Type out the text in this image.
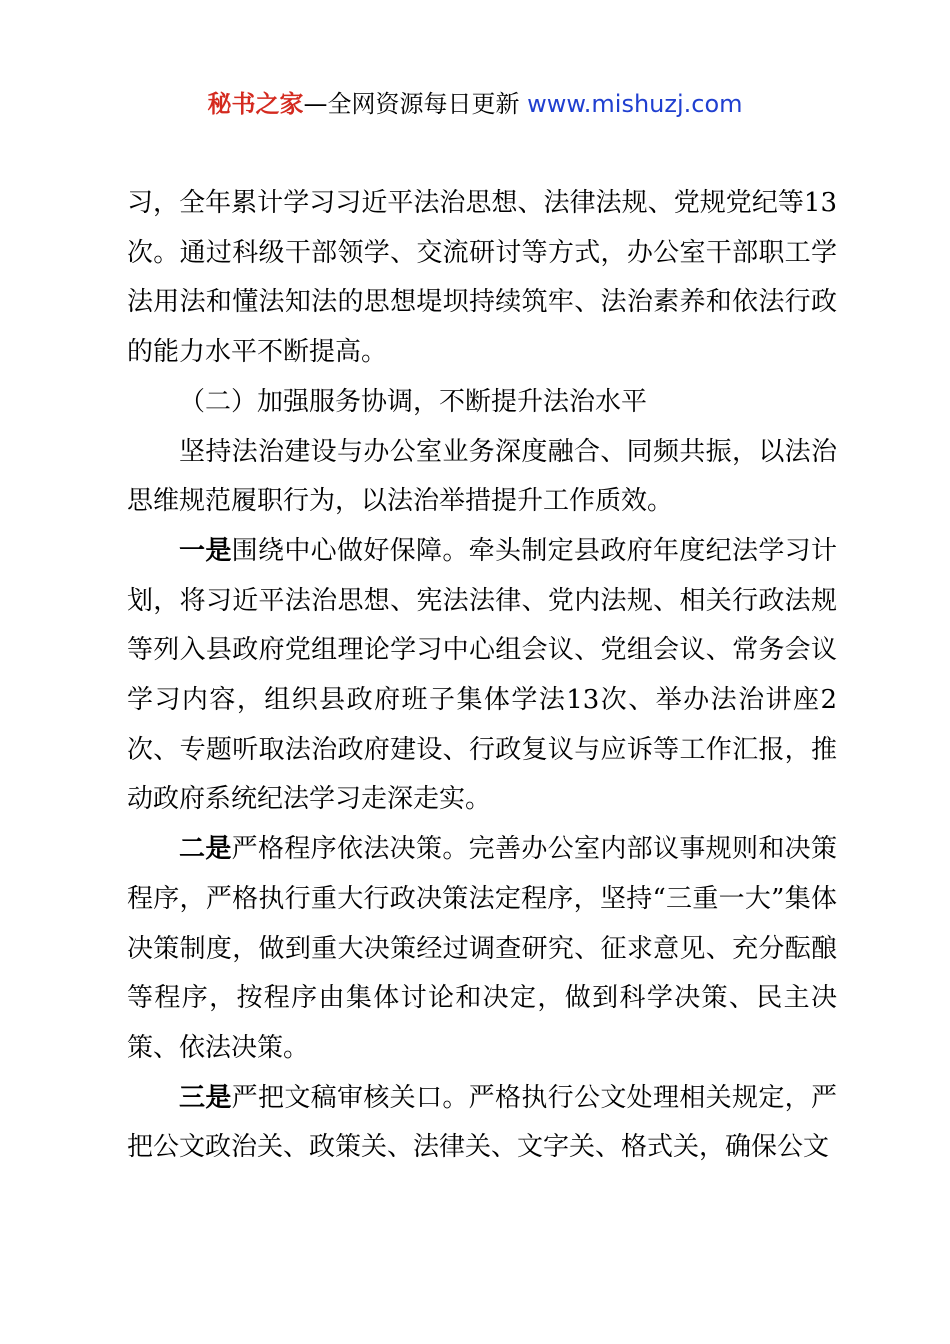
秘书之家—全网资源每日更新 www.mishuzj.com

习，全年累计学习习近平法治思想、法律法规、党规党纪等13次。通过科级干部领学、交流研讨等方式，办公室干部职工学法用法和懂法知法的思想堤坝持续筑牢、法治素养和依法行政的能力水平不断提高。

（二）加强服务协调，不断提升法治水平

坚持法治建设与办公室业务深度融合、同频共振，以法治思维规范履职行为，以法治举措提升工作质效。

一是围绕中心做好保障。牵头制定县政府年度纪法学习计划，将习近平法治思想、宪法法律、党内法规、相关行政法规等列入县政府党组理论学习中心组会议、党组会议、常务会议学习内容，组织县政府班子集体学法13次、举办法治讲座2次、专题听取法治政府建设、行政复议与应诉等工作汇报，推动政府系统纪法学习走深走实。

二是严格程序依法决策。完善办公室内部议事规则和决策程序，严格执行重大行政决策法定程序，坚持“三重一大”集体决策制度，做到重大决策经过调查研究、征求意见、充分酝酿等程序，按程序由集体讨论和决定，做到科学决策、民主决策、依法决策。

三是严把文稿审核关口。严格执行公文处理相关规定，严把公文政治关、政策关、法律关、文字关、格式关，确保公文
